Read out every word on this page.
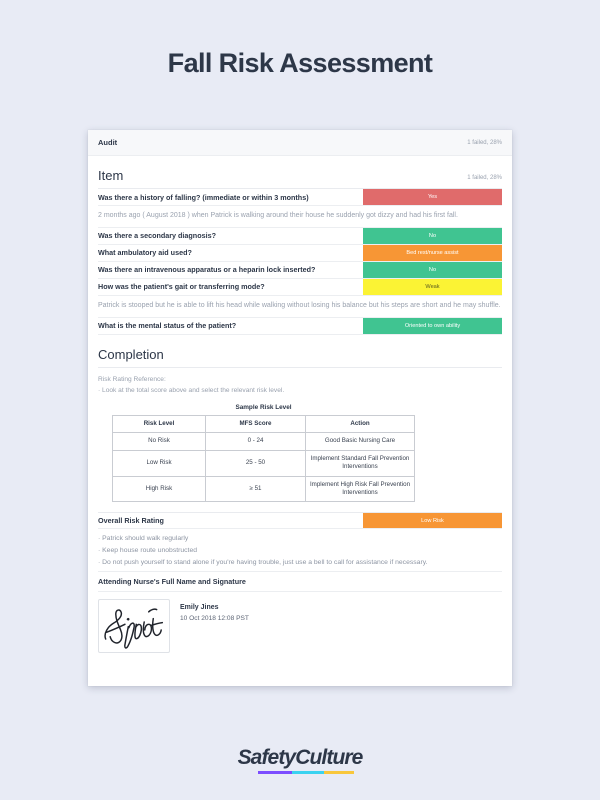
Fall Risk Assessment
Audit	1 failed, 28%
Item	1 failed, 28%
Was there a history of falling? (immediate or within 3 months)	Yes
2 months ago ( August 2018 ) when Patrick is walking around their house he suddenly got dizzy and had his first fall.
Was there a secondary diagnosis?	No
What ambulatory aid used?	Bed rest/nurse assist
Was there an intravenous apparatus or a heparin lock inserted?	No
How was the patient's gait or transferring mode?	Weak
Patrick is stooped but he is able to lift his head while walking without losing his balance but his steps are short and he may shuffle.
What is the mental status of the patient?	Oriented to own ability
Completion
Risk Rating Reference:
· Look at the total score above and select the relevant risk level.
Sample Risk Level
Risk Level	MFS Score	Action
No Risk	0 - 24	Good Basic Nursing Care
Low Risk	25 - 50	Implement Standard Fall Prevention Interventions
High Risk	≥ 51	Implement High Risk Fall Prevention Interventions
Overall Risk Rating	Low Risk
· Patrick should walk regularly
· Keep house route unobstructed
· Do not push yourself to stand alone if you're having trouble, just use a bell to call for assistance if necessary.
Attending Nurse's Full Name and Signature
Emily Jines
10 Oct 2018 12:08 PST
SafetyCulture
